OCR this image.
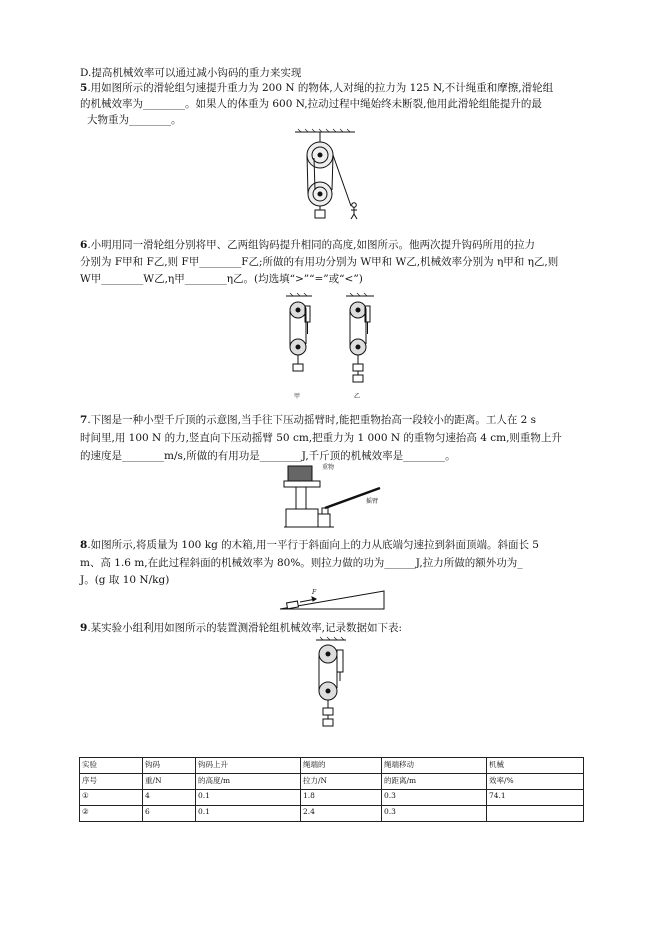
D.提高机械效率可以通过减小钩码的重力来实现
5.用如图所示的滑轮组匀速提升重力为 200 N 的物体,人对绳的拉力为 125 N,不计绳重和摩擦,滑轮组
的机械效率为________。如果人的体重为 600 N,拉动过程中绳始终未断裂,他用此滑轮组能提升的最
大物重为________。
6.小明用同一滑轮组分别将甲、乙两组钩码提升相同的高度,如图所示。他两次提升钩码所用的拉力
分别为 F甲和 F乙,则 F甲________F乙;所做的有用功分别为 W甲和 W乙,机械效率分别为 η甲和 η乙,则
W甲________W乙,η甲________η乙。(均选填“>”“=”或“<”)
甲	乙
7.下图是一种小型千斤顶的示意图,当手往下压动摇臂时,能把重物抬高一段较小的距离。工人在 2 s
时间里,用 100 N 的力,竖直向下压动摇臂 50 cm,把重力为 1 000 N 的重物匀速抬高 4 cm,则重物上升
的速度是________m/s,所做的有用功是________J,千斤顶的机械效率是________。
重物
摇臂
8.如图所示,将质量为 100 kg 的木箱,用一平行于斜面向上的力从底端匀速拉到斜面顶端。斜面长 5
m、高 1.6 m,在此过程斜面的机械效率为 80%。则拉力做的功为______J,拉力所做的额外功为_
J。(g 取 10 N/kg)
F
9.某实验小组利用如图所示的装置测滑轮组机械效率,记录数据如下表:
实验	钩码	钩码上升	绳端的	绳端移动	机械
序号	重/N	的高度/m	拉力/N	的距离/m	效率/%
①	4	0.1	1.8	0.3	74.1
②	6	0.1	2.4	0.3	
